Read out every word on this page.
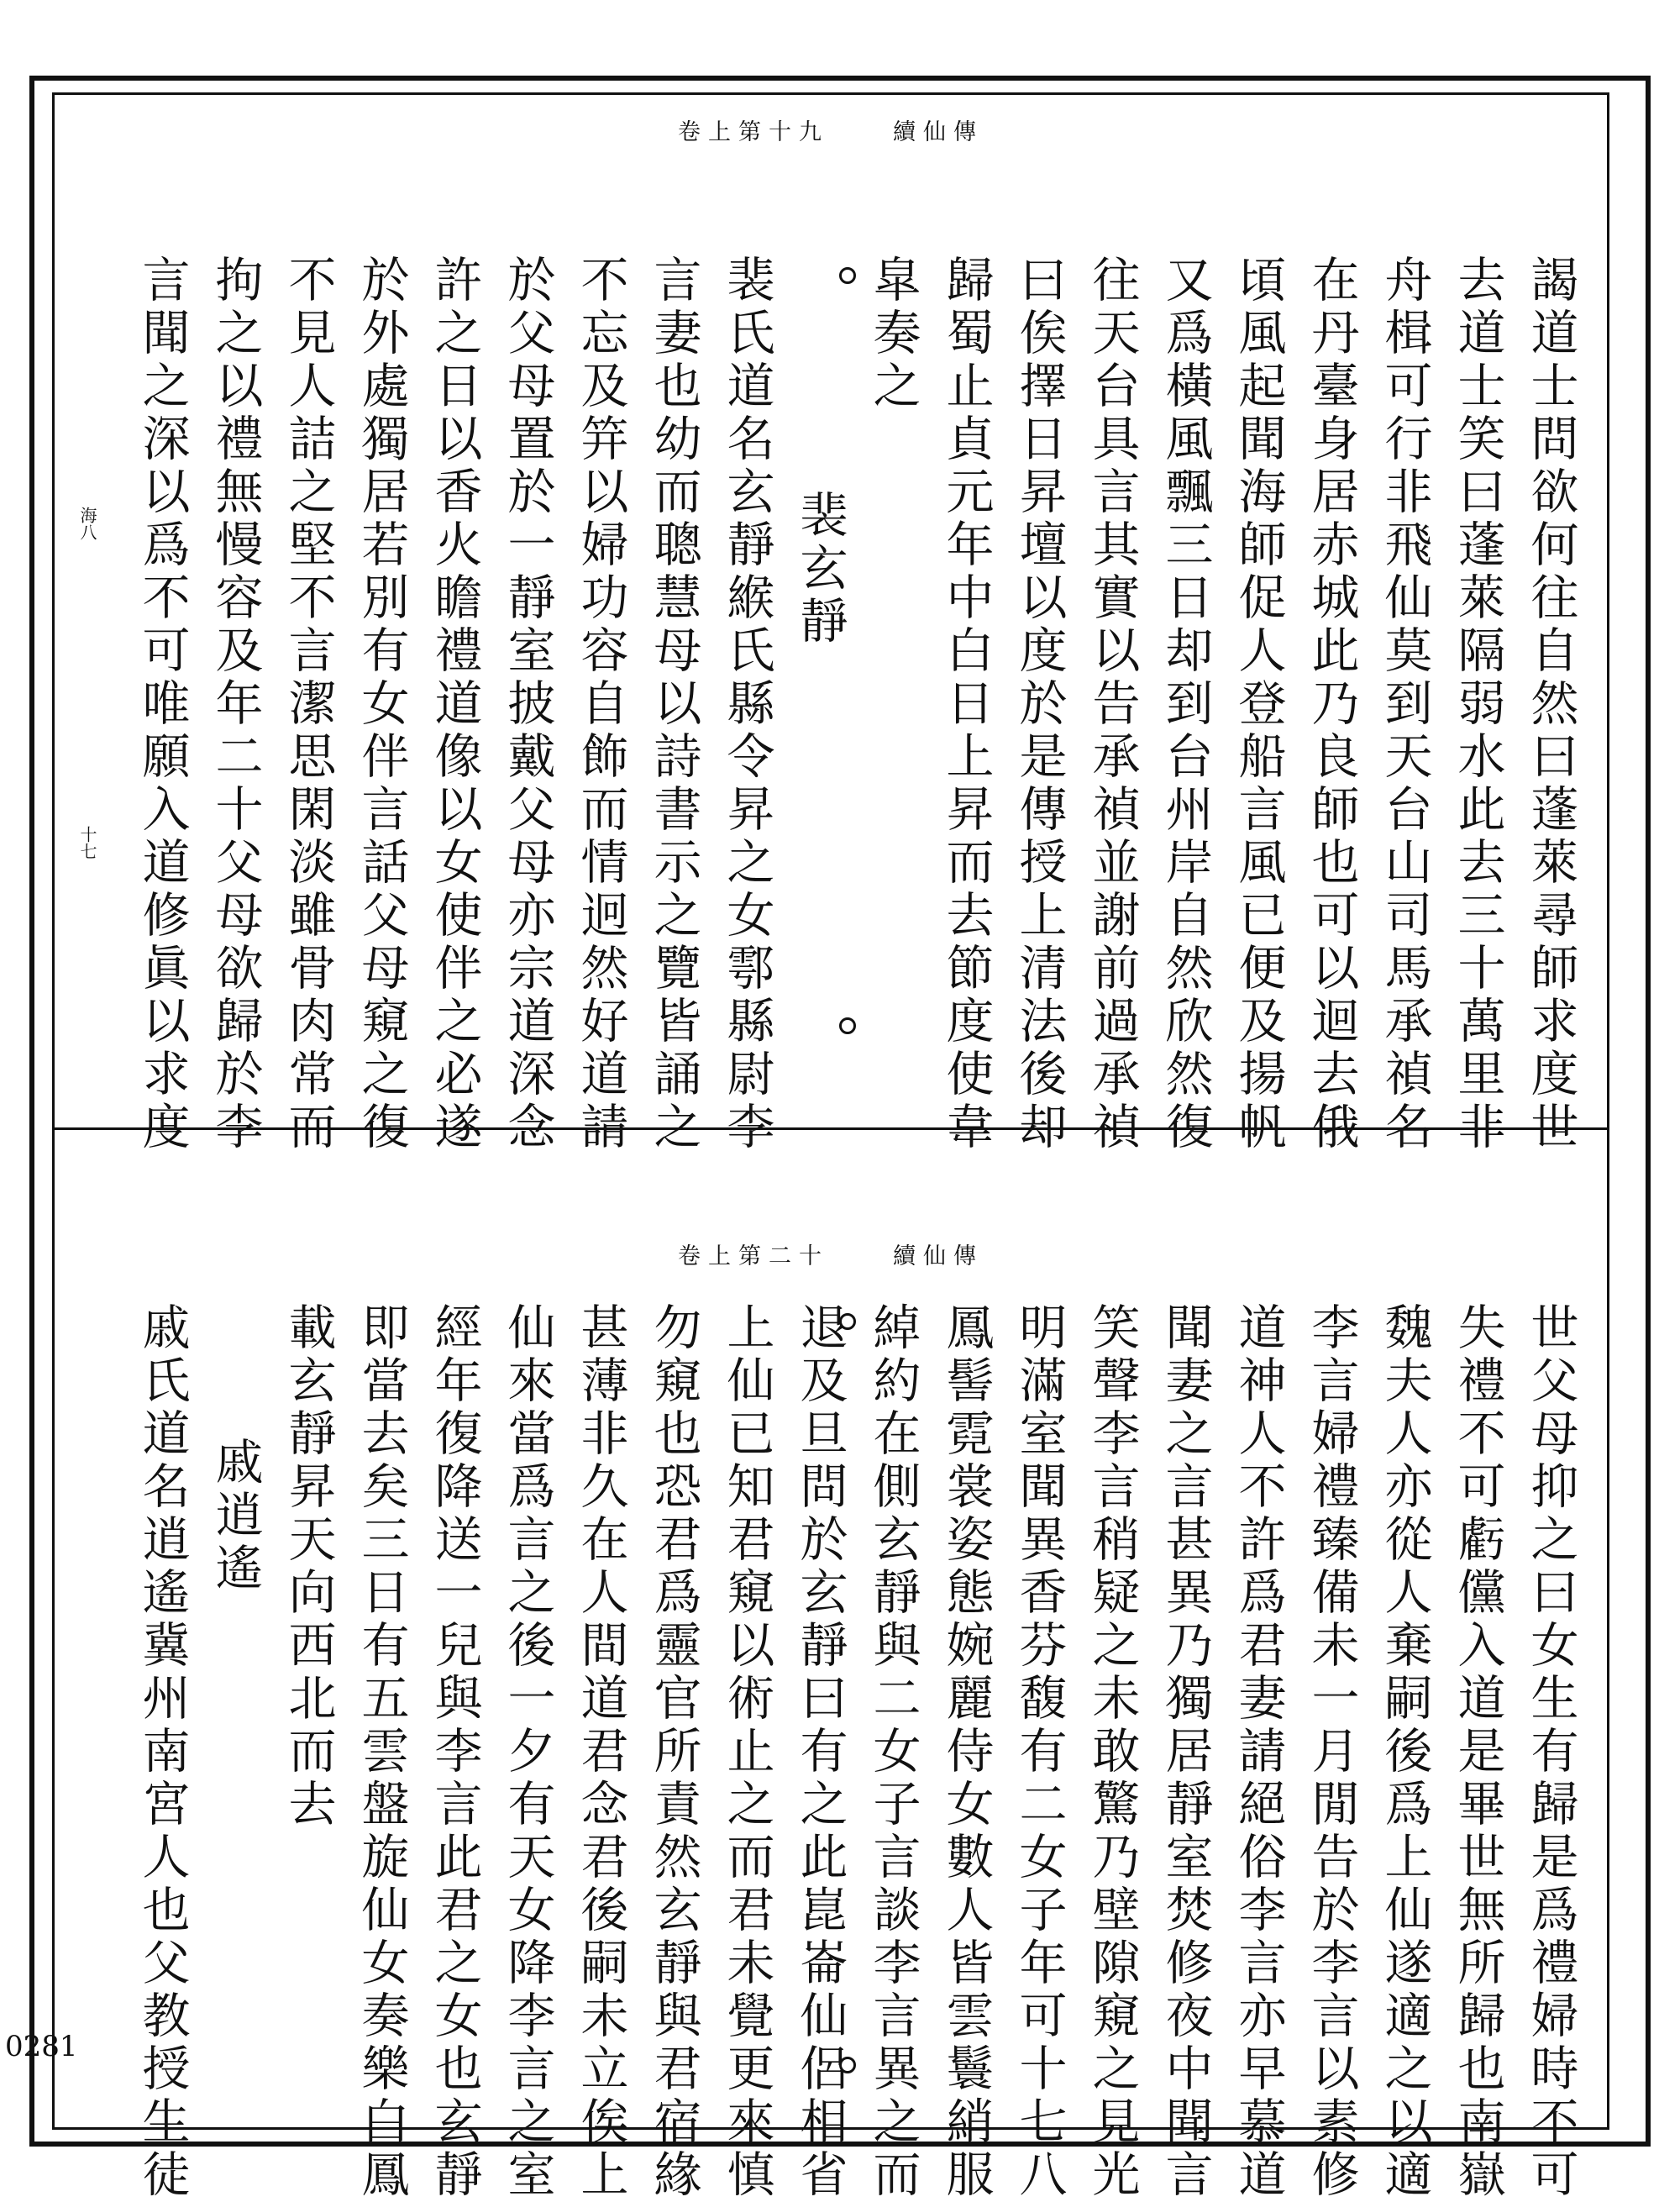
卷上第十九	續仙傳
謁道士問欲何往自然曰蓬萊尋師求度世
去道士笑曰蓬萊隔弱水此去三十萬里非
舟楫可行非飛仙莫到天台山司馬承禎名
在丹臺身居赤城此乃良師也可以迴去俄
頃風起聞海師促人登船言風已便及揚帆
又爲橫風飄三日却到台州岸自然欣然復
往天台具言其實以告承禎並謝前過承禎
曰俟擇日昇壇以度於是傳授上清法後却
歸蜀止貞元年中白日上昇而去節度使韋
皐奏之
裴玄靜
裴氏道名玄靜緱氏縣令昇之女鄠縣尉李
言妻也幼而聰慧母以詩書示之覽皆誦之
不忘及笄以婦功容自飾而情迥然好道請
於父母置於一靜室披戴父母亦宗道深念
許之日以香火瞻禮道像以女使伴之必遂
於外處獨居若別有女伴言話父母窺之復
不見人詰之堅不言潔思閑淡雖骨肉常而
拘之以禮無慢容及年二十父母欲歸於李
言聞之深以爲不可唯願入道修眞以求度
海八
十七
卷上第二十	續仙傳
世父母抑之曰女生有歸是爲禮婦時不可
失禮不可虧儻入道是畢世無所歸也南嶽
魏夫人亦從人棄嗣後爲上仙遂適之以適
李言婦禮臻備未一月閒告於李言以素修
道神人不許爲君妻請絕俗李言亦早慕道
聞妻之言甚異乃獨居靜室焚修夜中聞言
笑聲李言稍疑之未敢驚乃壁隙窺之見光
明滿室聞異香芬馥有二女子年可十七八
鳳髻霓裳姿態婉麗侍女數人皆雲鬟綃服
綽約在側玄靜與二女子言談李言異之而
退及旦問於玄靜曰有之此崑崙仙侶相省
上仙已知君窺以術止之而君未覺更來慎
勿窺也恐君爲靈官所責然玄靜與君宿緣
甚薄非久在人間道君念君後嗣未立俟上
仙來當爲言之後一夕有天女降李言之室
經年復降送一兒與李言此君之女也玄靜
即當去矣三日有五雲盤旋仙女奏樂白鳳
載玄靜昇天向西北而去
戚逍遙
戚氏道名逍遙冀州南宮人也父教授生徒
0281
